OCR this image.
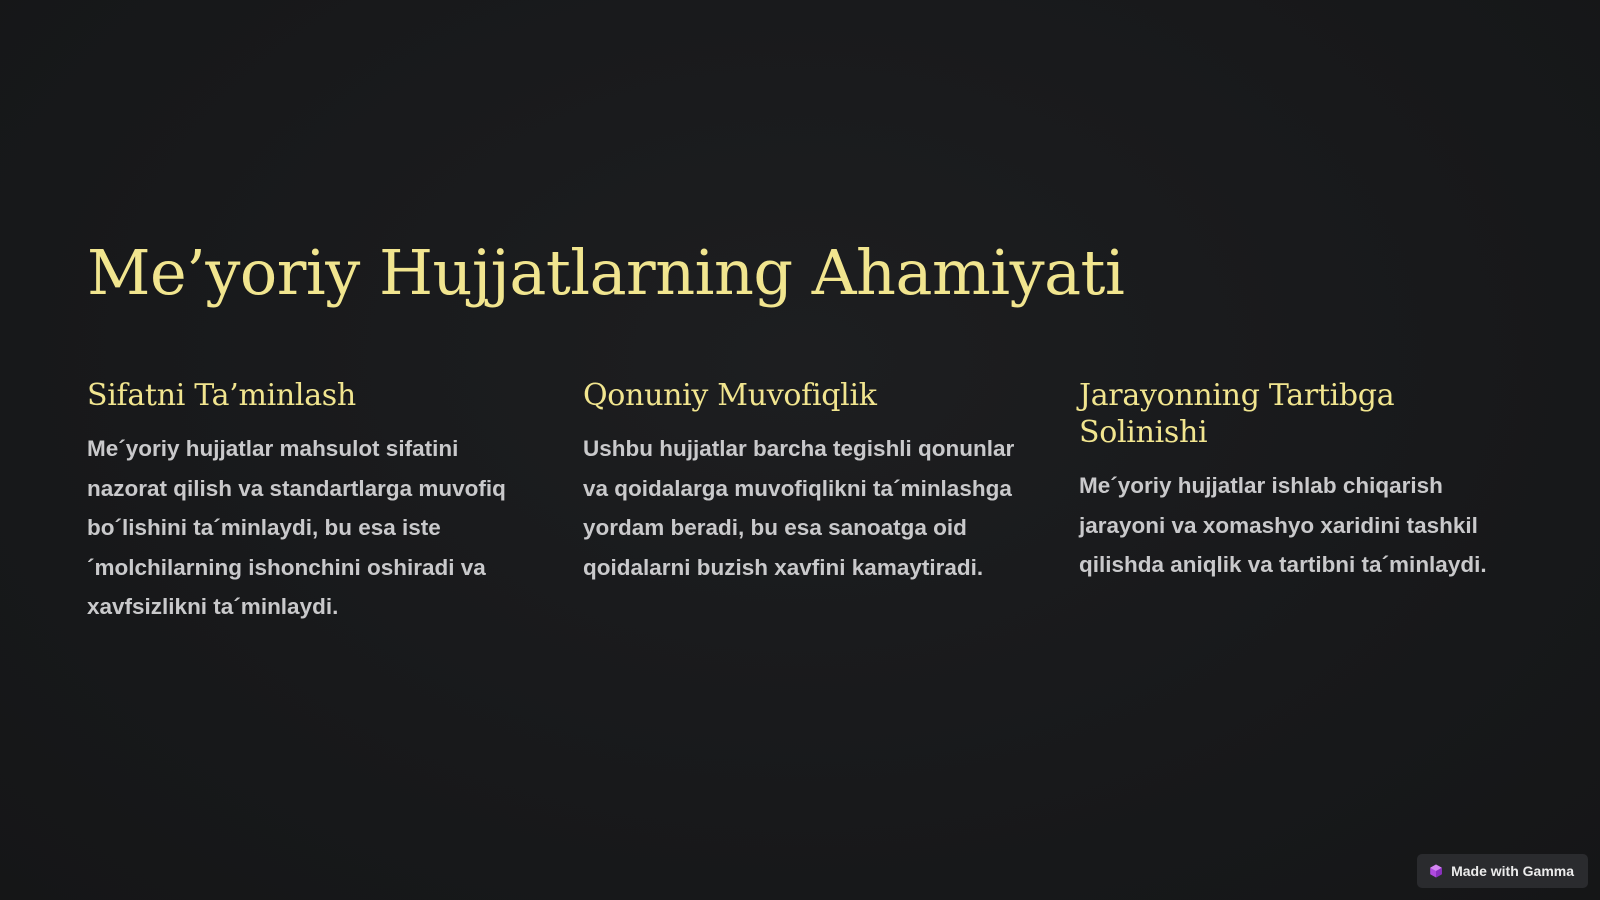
Me’yoriy Hujjatlarning Ahamiyati
Sifatni Ta’minlash

Me´yoriy hujjatlar mahsulot sifatini nazorat qilish va standartlarga muvofiq bo´lishini ta´minlaydi, bu esa iste´molchilarning ishonchini oshiradi va xavfsizlikni ta´minlaydi.

Qonuniy Muvofiqlik

Ushbu hujjatlar barcha tegishli qonunlar va qoidalarga muvofiqlikni ta´minlashga yordam beradi, bu esa sanoatga oid qoidalarni buzish xavfini kamaytiradi.

Jarayonning Tartibga Solinishi

Me´yoriy hujjatlar ishlab chiqarish jarayoni va xomashyo xaridini tashkil qilishda aniqlik va tartibni ta´minlaydi.

Made with Gamma
